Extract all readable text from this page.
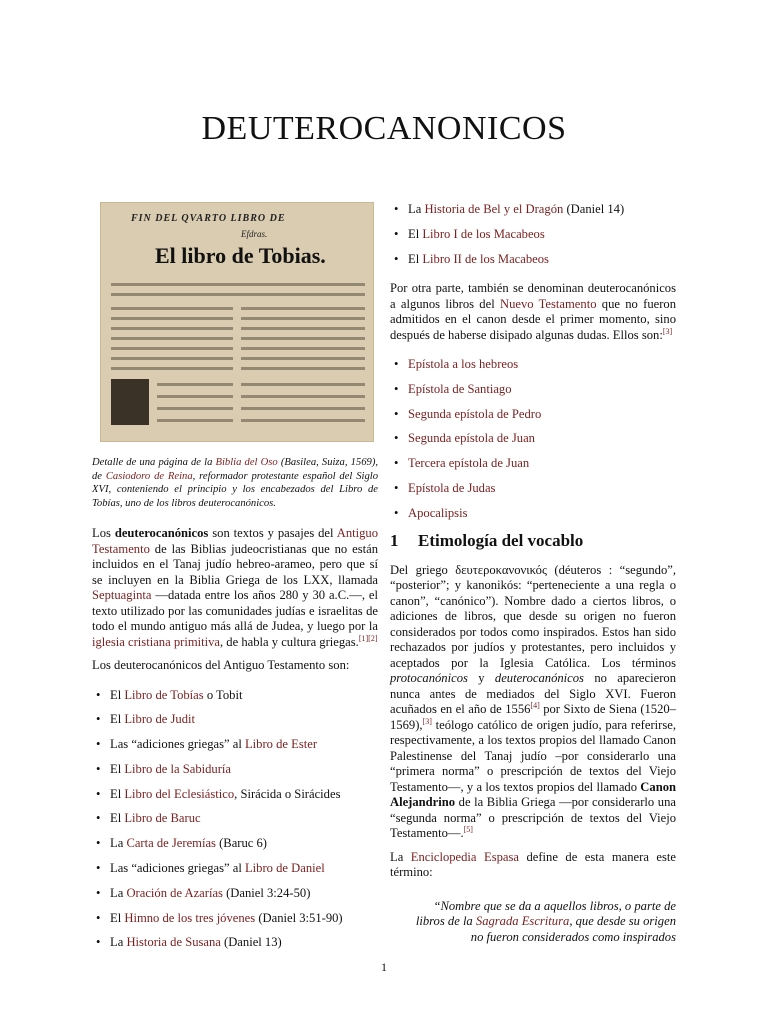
DEUTEROCANONICOS
FIN DEL QVARTO LIBRO DE
Efdras.
El libro de Tobias.
Detalle de una página de la Biblia del Oso (Basilea, Suiza, 1569), de Casiodoro de Reina, reformador protestante español del Siglo XVI, conteniendo el principio y los encabezados del Libro de Tobías, uno de los libros deuterocanónicos.

Los deuterocanónicos son textos y pasajes del Antiguo Testamento de las Biblias judeocristianas que no están incluidos en el Tanaj judío hebreo-arameo, pero que sí se incluyen en la Biblia Griega de los LXX, llamada Septuaginta —datada entre los años 280 y 30 a.C.—, el texto utilizado por las comunidades judías e israelitas de todo el mundo antiguo más allá de Judea, y luego por la iglesia cristiana primitiva, de habla y cultura griegas.[1][2]

Los deuterocanónicos del Antiguo Testamento son:

• El Libro de Tobías o Tobit
• El Libro de Judit
• Las “adiciones griegas” al Libro de Ester
• El Libro de la Sabiduría
• El Libro del Eclesiástico, Sirácida o Sirácides
• El Libro de Baruc
• La Carta de Jeremías (Baruc 6)
• Las “adiciones griegas” al Libro de Daniel
• La Oración de Azarías (Daniel 3:24-50)
• El Himno de los tres jóvenes (Daniel 3:51-90)
• La Historia de Susana (Daniel 13)
• La Historia de Bel y el Dragón (Daniel 14)
• El Libro I de los Macabeos
• El Libro II de los Macabeos

Por otra parte, también se denominan deuterocanónicos a algunos libros del Nuevo Testamento que no fueron admitidos en el canon desde el primer momento, sino después de haberse disipado algunas dudas. Ellos son:[3]

• Epístola a los hebreos
• Epístola de Santiago
• Segunda epístola de Pedro
• Segunda epístola de Juan
• Tercera epístola de Juan
• Epístola de Judas
• Apocalipsis
1 Etimología del vocablo

Del griego δευτεροκανονικός (déuteros : “segundo”, “posterior”; y kanonikós: “perteneciente a una regla o canon”, “canónico”). Nombre dado a ciertos libros, o adiciones de libros, que desde su origen no fueron considerados por todos como inspirados. Estos han sido rechazados por judíos y protestantes, pero incluidos y aceptados por la Iglesia Católica. Los términos protocanónicos y deuterocanónicos no aparecieron nunca antes de mediados del Siglo XVI. Fueron acuñados en el año de 1556[4] por Sixto de Siena (1520–1569),[3] teólogo católico de origen judío, para referirse, respectivamente, a los textos propios del llamado Canon Palestinense del Tanaj judío –por considerarlo una “primera norma” o prescripción de textos del Viejo Testamento—, y a los textos propios del llamado Canon Alejandrino de la Biblia Griega —por considerarlo una “segunda norma” o prescripción de textos del Viejo Testamento—.[5]

La Enciclopedia Espasa define de esta manera este término:

“Nombre que se da a aquellos libros, o parte de libros de la Sagrada Escritura, que desde su origen no fueron considerados como inspirados
1
